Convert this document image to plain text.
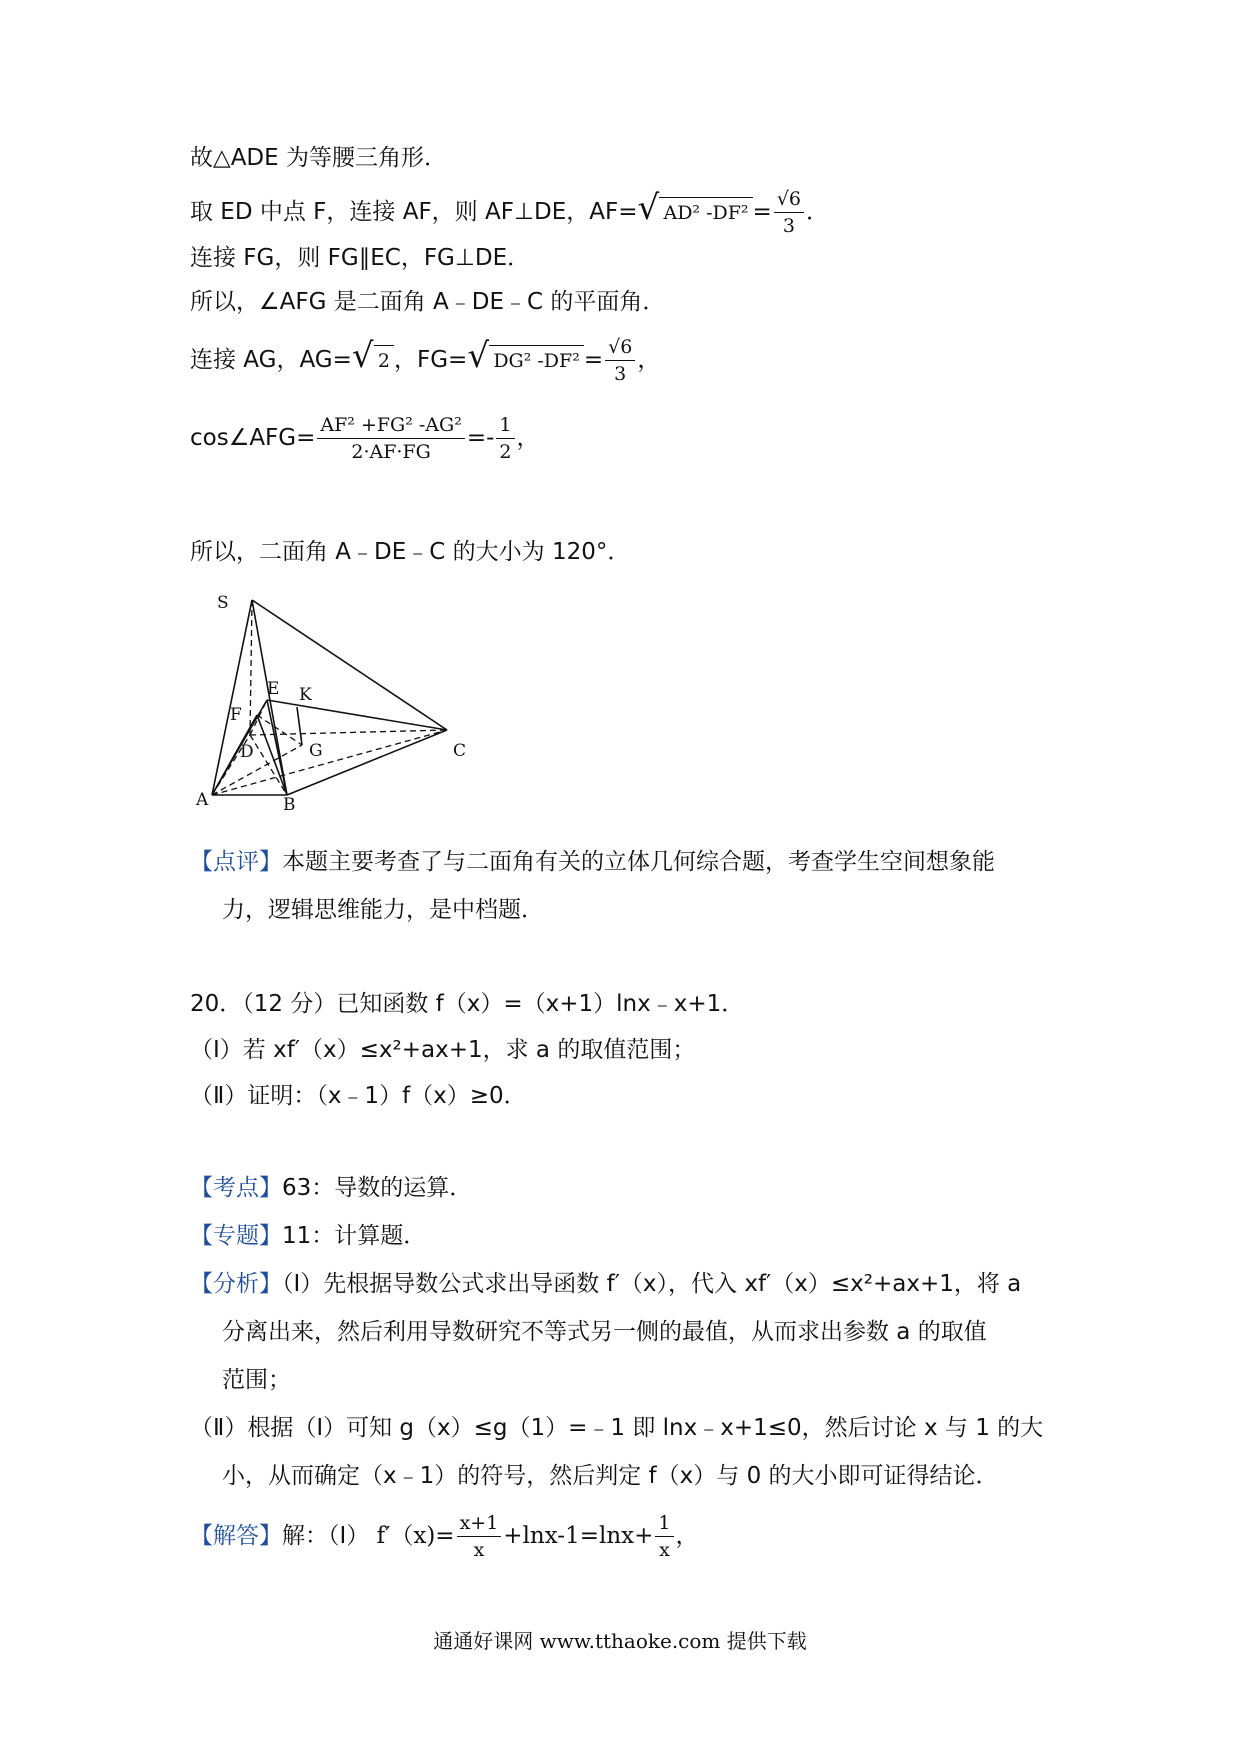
故△ADE 为等腰三角形．
取 ED 中点 F，连接 AF，则 AF⊥DE，AF= √ AD² $-DF^2 = \frac{√6}{3}$ ．
连接 FG，则 FG∥EC，FG⊥DE．
所以，∠AFG 是二面角 A﹣DE﹣C 的平面角．
连接 AG，AG= √ 2 ，FG= √ DG² $-DF^2 = \frac{√6}{3}$ ，
cos∠AFG= $\frac{\text{AF² +FG² -AG²}}{2\cdot AF\cdot FG} =- \frac{1}{2}$ ，
所以，二面角 A﹣DE﹣C 的大小为 120°．
S
E K
F
D	G	C
A	B
【点评】本题主要考查了与二面角有关的立体几何综合题，考查学生空间想象能
力，逻辑思维能力，是中档题．
20．（12 分）已知函数 f（x）=（x+1）lnx﹣x+1．
（Ⅰ）若 xf′（x）≤x²+ax+1，求 a 的取值范围；
（Ⅱ）证明：（x﹣1）f（x）≥0．
【考点】63：导数的运算．
【专题】11：计算题．
【分析】（Ⅰ）先根据导数公式求出导函数 f′（x），代入 xf′（x）≤x²+ax+1，将 a
分离出来，然后利用导数研究不等式另一侧的最值，从而求出参数 a 的取值
范围；
（Ⅱ）根据（I）可知 g（x）≤g（1）=﹣1 即 lnx﹣x+1≤0，然后讨论 x 与 1 的大
小，从而确定（x﹣1）的符号，然后判定 f（x）与 0 的大小即可证得结论．
【解答】解：（Ⅰ） $f'(x)= \frac{x+1}{x} +\ln x-1=\ln x+ \frac{1}{x}$ ，
通通好课网 www.tthaoke.com 提供下载
